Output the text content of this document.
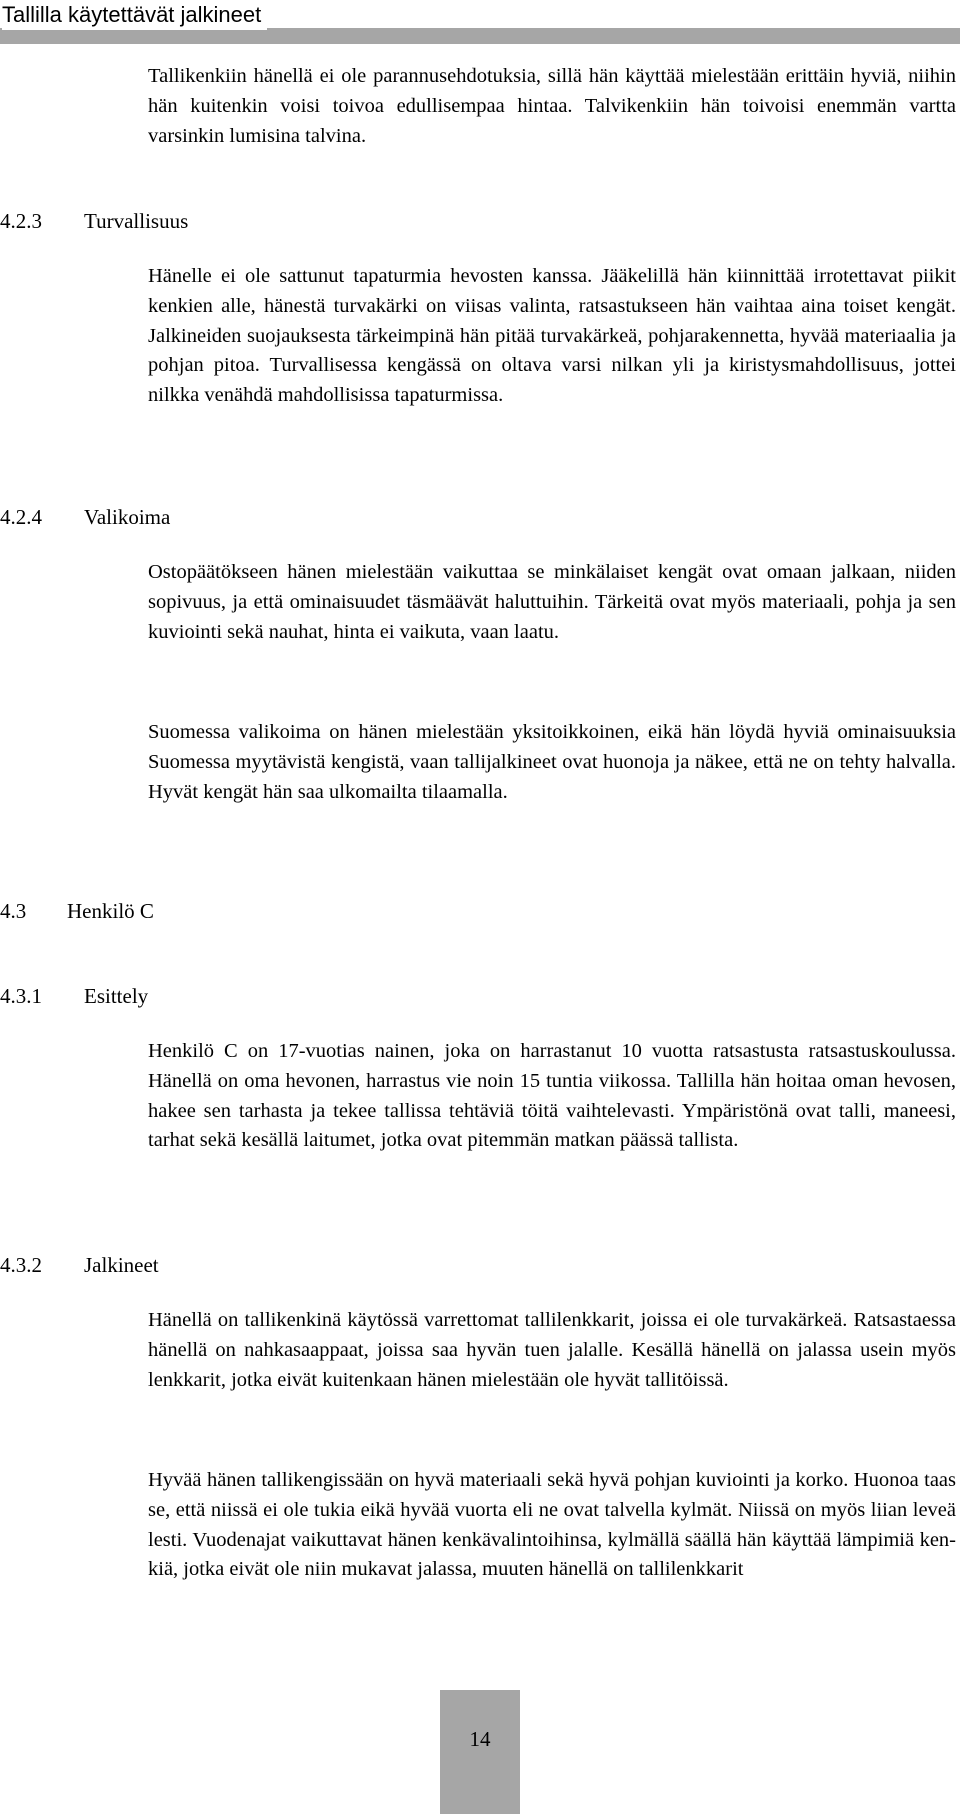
Tallilla käytettävät jalkineet

Tallikenkiin hänellä ei ole parannusehdotuksia, sillä hän käyttää mielestään erittäin hyviä, niihin hän kuitenkin voisi toivoa edullisempaa hintaa. Talvikenkiin hän toivoisi enemmän vartta varsinkin lumisina talvina.

4.2.3 Turvallisuus

Hänelle ei ole sattunut tapaturmia hevosten kanssa. Jääkelillä hän kiinnittää irrotettavat piikit kenkien alle, hänestä turvakärki on viisas valinta, ratsastukseen hän vaihtaa aina toiset kengät. Jalkineiden suojauksesta tärkeimpinä hän pitää turvakärkeä, pohjarakennetta, hyvää materiaalia ja pohjan pitoa. Turvallisessa kengässä on oltava varsi nilkan yli ja kiristysmahdollisuus, jottei nilkka venähdä mahdollisissa tapaturmissa.

4.2.4 Valikoima

Ostopäätökseen hänen mielestään vaikuttaa se minkälaiset kengät ovat omaan jalkaan, niiden sopivuus, ja että ominaisuudet täsmäävät haluttuihin. Tärkeitä ovat myös materiaali, pohja ja sen kuviointi sekä nauhat, hinta ei vaikuta, vaan laatu.

Suomessa valikoima on hänen mielestään yksitoikkoinen, eikä hän löydä hyviä ominaisuuksia Suomessa myytävistä kengistä, vaan tallijalkineet ovat huonoja ja näkee, että ne on tehty halvalla. Hyvät kengät hän saa ulkomailta tilaamalla.

4.3 Henkilö C
4.3.1 Esittely

Henkilö C on 17-vuotias nainen, joka on harrastanut 10 vuotta ratsastusta ratsastuskoulussa. Hänellä on oma hevonen, harrastus vie noin 15 tuntia viikossa. Tallilla hän hoitaa oman hevosen, hakee sen tarhasta ja tekee tallissa tehtäviä töitä vaihtelevasti. Ympäristönä ovat talli, maneesi, tarhat sekä kesällä laitumet, jotka ovat pitemmän matkan päässä tallista.

4.3.2 Jalkineet

Hänellä on tallikenkinä käytössä varrettomat tallilenkkarit, joissa ei ole turvakärkeä. Ratsastaessa hänellä on nahkasaappaat, joissa saa hyvän tuen jalalle. Kesällä hänellä on jalassa usein myös lenkkarit, jotka eivät kuitenkaan hänen mielestään ole hyvät tallitöissä.

Hyvää hänen tallikengissään on hyvä materiaali sekä hyvä pohjan kuviointi ja korko. Huonoa taas se, että niissä ei ole tukia eikä hyvää vuorta eli ne ovat talvella kylmät. Niissä on myös liian leveä lesti. Vuodenajat vaikuttavat hänen kenkävalintoihinsa, kylmällä säällä hän käyttää lämpimiä kenkiä, jotka eivät ole niin mukavat jalassa, muuten hänellä on tallilenkkarit

14
